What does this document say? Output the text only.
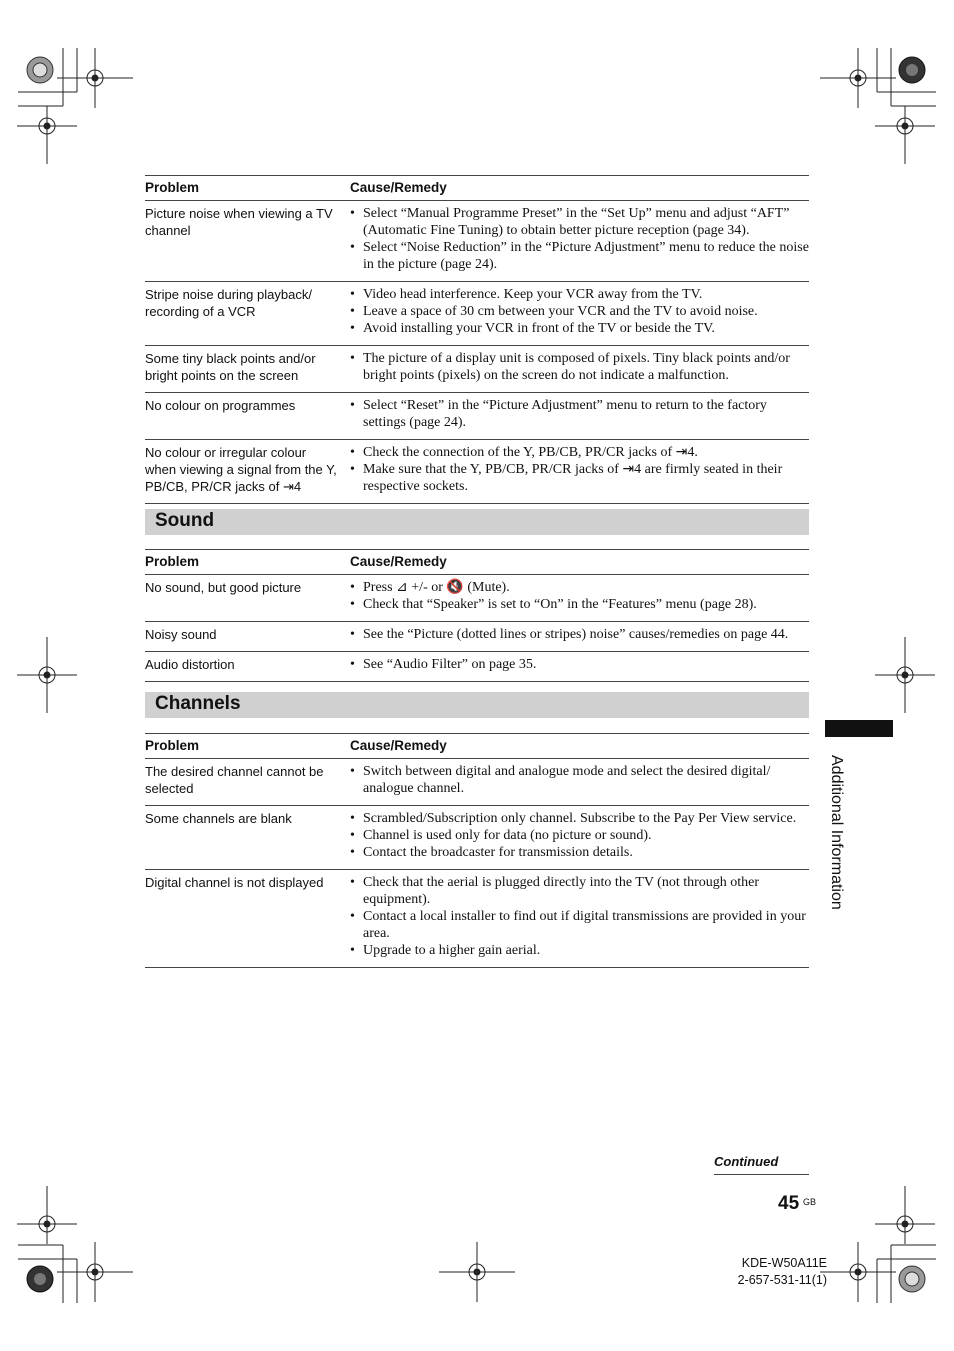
Problem	Cause/Remedy
Picture noise when viewing a TV channel
• Select “Manual Programme Preset” in the “Set Up” menu and adjust “AFT” (Automatic Fine Tuning) to obtain better picture reception (page 34).
• Select “Noise Reduction” in the “Picture Adjustment” menu to reduce the noise in the picture (page 24).
Stripe noise during playback/ recording of a VCR
• Video head interference. Keep your VCR away from the TV.
• Leave a space of 30 cm between your VCR and the TV to avoid noise.
• Avoid installing your VCR in front of the TV or beside the TV.
Some tiny black points and/or bright points on the screen
• The picture of a display unit is composed of pixels. Tiny black points and/or bright points (pixels) on the screen do not indicate a malfunction.
No colour on programmes	• Select “Reset” in the “Picture Adjustment” menu to return to the factory settings (page 24).
No colour or irregular colour when viewing a signal from the Y, PB/CB, PR/CR jacks of ⇥4
• Check the connection of the Y, PB/CB, PR/CR jacks of ⇥4.
• Make sure that the Y, PB/CB, PR/CR jacks of ⇥4 are firmly seated in their respective sockets.
Sound
Problem	Cause/Remedy
No sound, but good picture	• Press ⊿ +/- or 🔇 (Mute).
• Check that “Speaker” is set to “On” in the “Features” menu (page 28).
Noisy sound	• See the “Picture (dotted lines or stripes) noise” causes/remedies on page 44.
Audio distortion	• See “Audio Filter” on page 35.
Channels
Problem	Cause/Remedy
The desired channel cannot be selected
• Switch between digital and analogue mode and select the desired digital/ analogue channel.
Some channels are blank	• Scrambled/Subscription only channel. Subscribe to the Pay Per View service.
• Channel is used only for data (no picture or sound).
• Contact the broadcaster for transmission details.
Digital channel is not displayed	• Check that the aerial is plugged directly into the TV (not through other equipment).
• Contact a local installer to find out if digital transmissions are provided in your area.
• Upgrade to a higher gain aerial.
Additional Information
Continued
45 GB
KDE-W50A11E
2-657-531-11(1)
